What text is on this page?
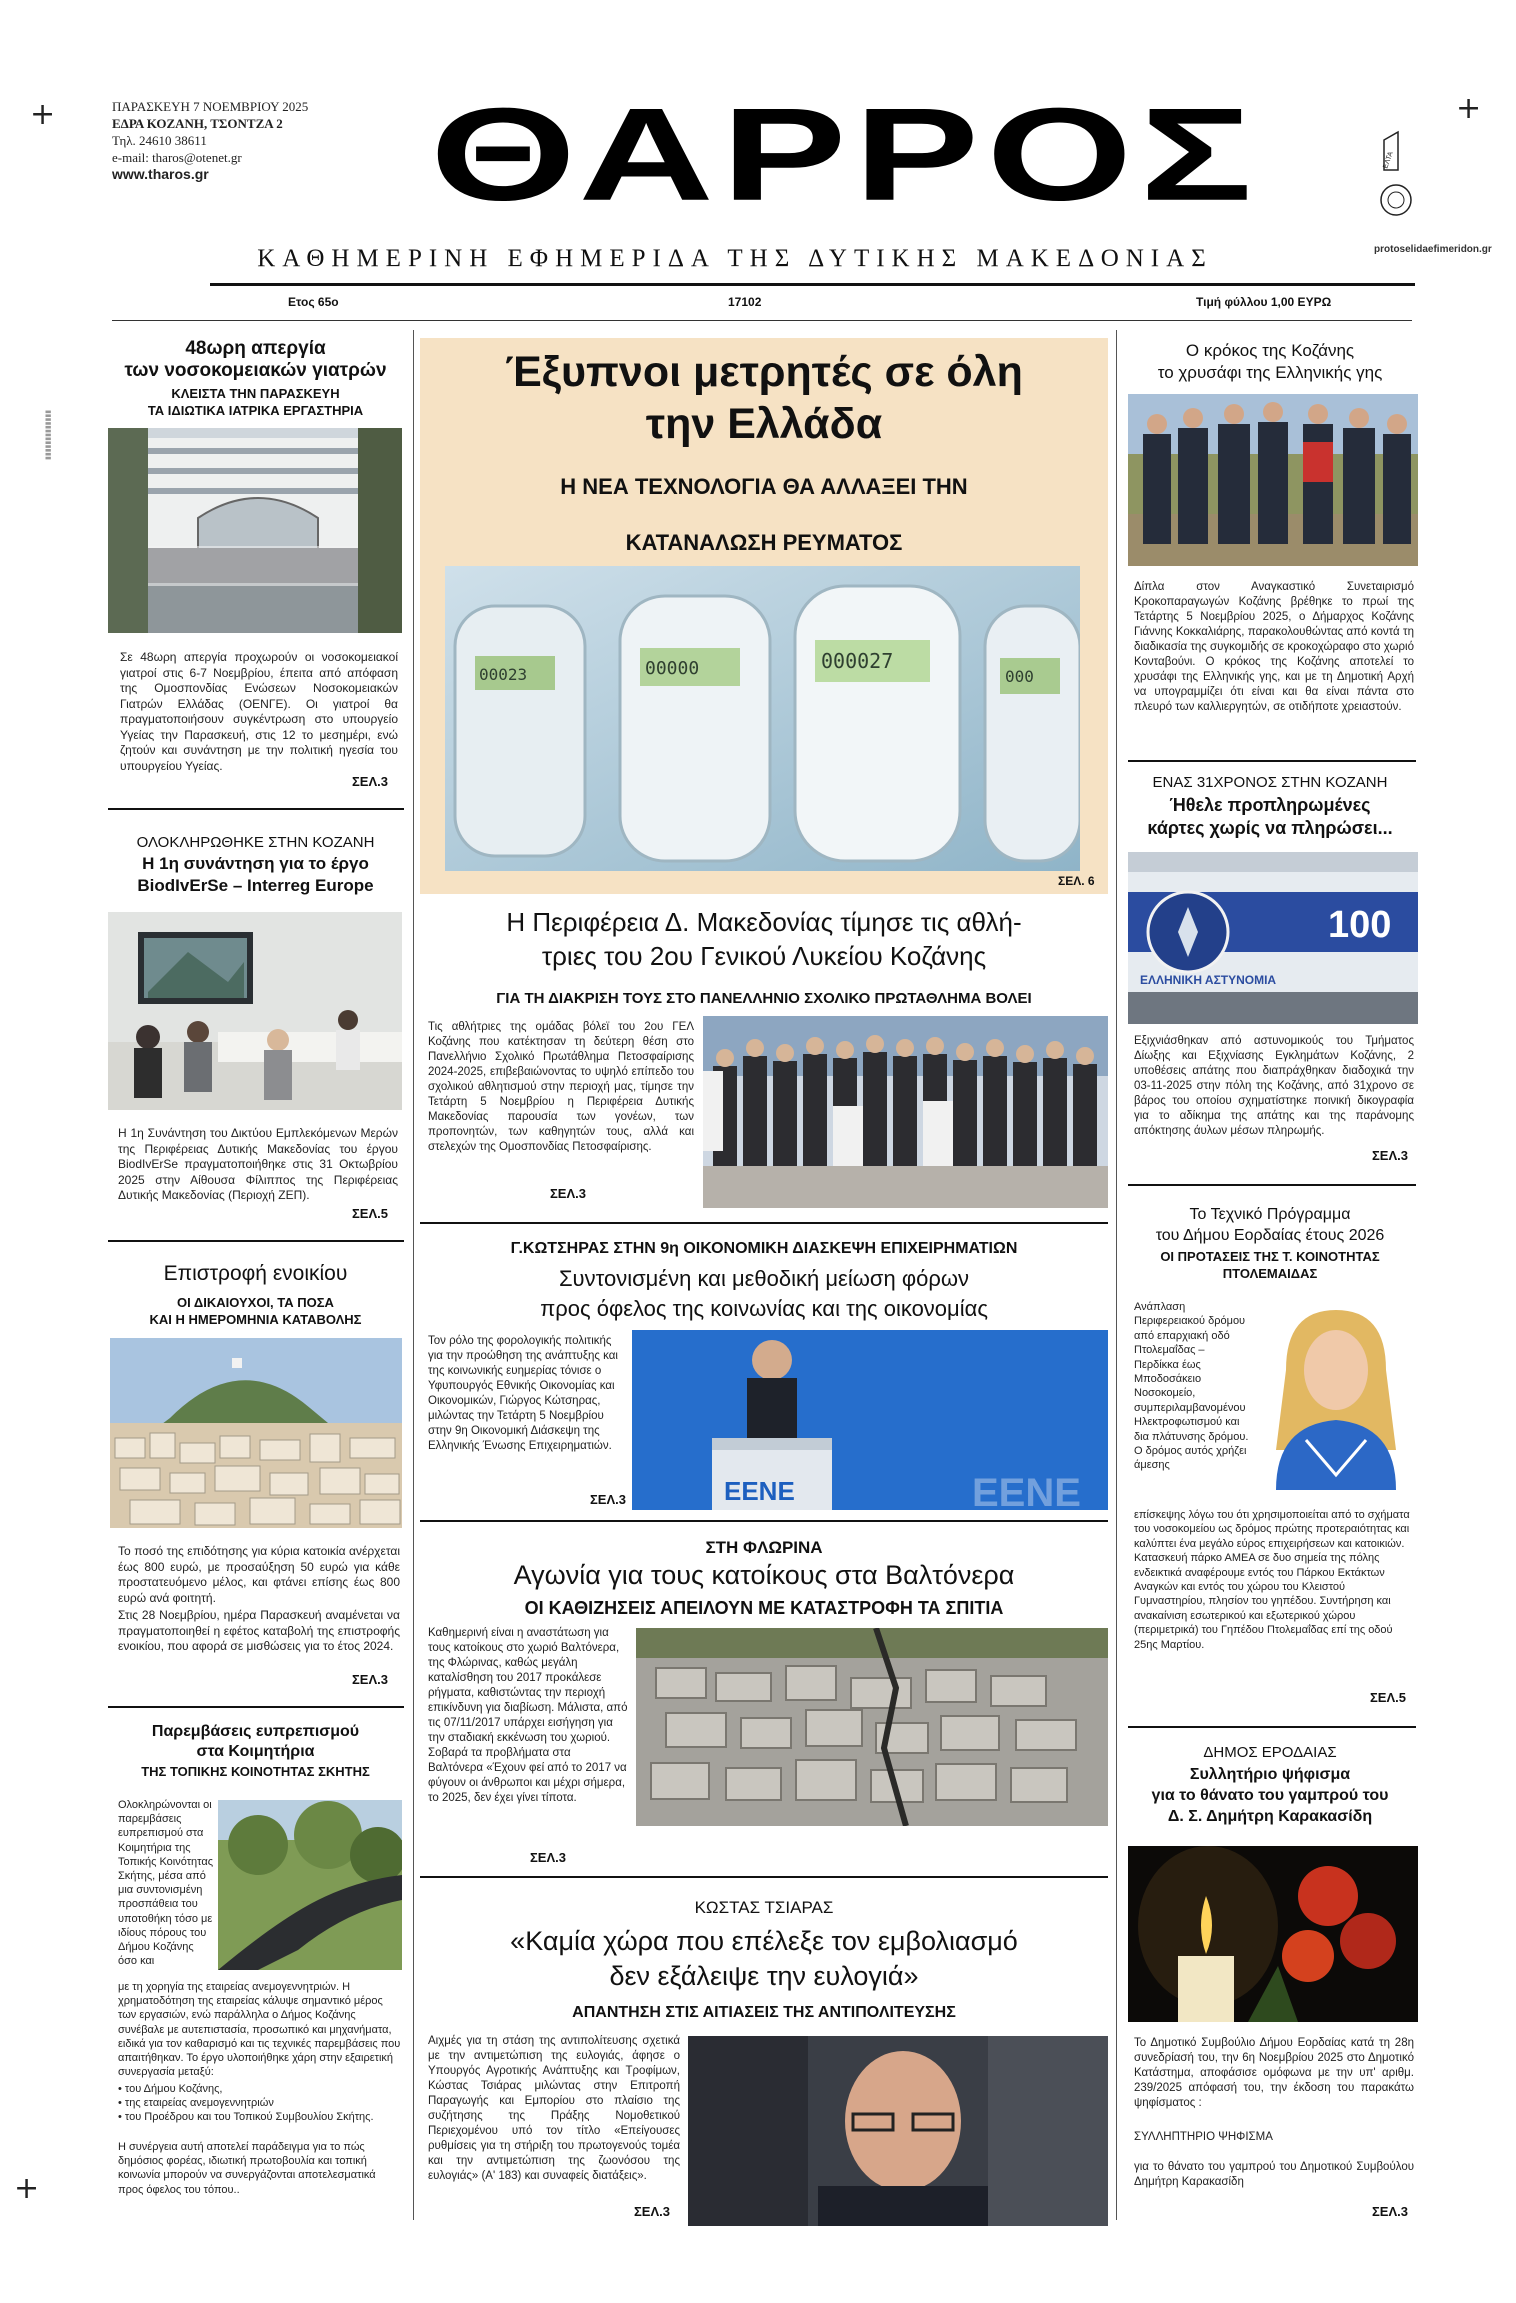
+	+
+
ΠΑΡΑΣΚΕΥΗ 7 ΝΟΕΜΒΡΙΟΥ 2025
ΕΔΡΑ ΚΟΖΑΝΗ, ΤΣΟΝΤΖΑ 2
Τηλ. 24610 38611
e-mail: tharos@otenet.gr
www.tharos.gr	ΘΑΡΡΟΣ
ΚΑΘΗΜΕΡΙΝΗ ΕΦΗΜΕΡΙΔΑ ΤΗΣ ΔΥΤΙΚΗΣ ΜΑΚΕΔΟΝΙΑΣ
Ετος 65ο	17102	Τιμή φύλλου 1,00 ΕΥΡΩ
ΕΛΤΑ
protoselidaefimeridon.gr
▮▮▮▮▮▮▮▮▮▮▮▮▮
48ωρη απεργία
των νοσοκομειακών γιατρών
ΚΛΕΙΣΤΑ ΤΗΝ ΠΑΡΑΣΚΕΥΗ
ΤΑ ΙΔΙΩΤΙΚΑ ΙΑΤΡΙΚΑ ΕΡΓΑΣΤΗΡΙΑ
Σε 48ωρη απεργία προχωρούν οι νοσοκομειακοί γιατροί στις 6-7 Νοεμβρίου, έπειτα από απόφαση της Ομοσπονδίας Ενώσεων Νοσοκομειακών Γιατρών Ελλάδας (ΟΕΝΓΕ). Οι γιατροί θα πραγματοποιήσουν συγκέντρωση στο υπουργείο Υγείας την Παρασκευή, στις 12 το μεσημέρι, ενώ ζητούν και συνάντηση με την πολιτική ηγεσία του υπουργείου Υγείας.
ΣΕΛ.3
ΟΛΟΚΛΗΡΩΘΗΚΕ ΣΤΗΝ ΚΟΖΑΝΗ
Η 1η συνάντηση για το έργο
BiodIvErSe – Interreg Europe
Η 1η Συνάντηση του Δικτύου Εμπλεκόμενων Μερών της Περιφέρειας Δυτικής Μακεδονίας του έργου BiodIvErSe πραγματοποιήθηκε στις 31 Οκτωβρίου 2025 στην Αίθουσα Φίλιππος της Περιφέρειας Δυτικής Μακεδονίας (Περιοχή ΖΕΠ).
ΣΕΛ.5
Επιστροφή ενοικίου
ΟΙ ΔΙΚΑΙΟΥΧΟΙ, ΤΑ ΠΟΣΑ
ΚΑΙ Η ΗΜΕΡΟΜΗΝΙΑ ΚΑΤΑΒΟΛΗΣ
Το ποσό της επιδότησης για κύρια κατοικία ανέρχεται έως 800 ευρώ, με προσαύξηση 50 ευρώ για κάθε προστατευόμενο μέλος, και φτάνει επίσης έως 800 ευρώ ανά φοιτητή.
Στις 28 Νοεμβρίου, ημέρα Παρασκευή αναμένεται να πραγματοποιηθεί η εφέτος καταβολή της επιστροφής ενοικίου, που αφορά σε μισθώσεις για το έτος 2024.
ΣΕΛ.3
Παρεμβάσεις ευπρεπισμού
στα Κοιμητήρια
ΤΗΣ ΤΟΠΙΚΗΣ ΚΟΙΝΟΤΗΤΑΣ ΣΚΗΤΗΣ
Ολοκληρώνονται οι παρεμβάσεις ευπρεπισμού στα Κοιμητήρια της Τοπικής Κοινότητας Σκήτης, μέσα από μια συντονισμένη προσπάθεια του υποτοθήκη τόσο με ιδίους πόρους του Δήμου Κοζάνης όσο και
με τη χορηγία της εταιρείας ανεμογεννητριών. Η χρηματοδότηση της εταιρείας κάλυψε σημαντικό μέρος των εργασιών, ενώ παράλληλα ο Δήμος Κοζάνης συνέβαλε με αυτεπιστασία, προσωπικό και μηχανήματα, ειδικά για τον καθαρισμό και τις τεχνικές παρεμβάσεις που απαιτήθηκαν. Το έργο υλοποιήθηκε χάρη στην εξαιρετική συνεργασία μεταξύ:
• του Δήμου Κοζάνης,
• της εταιρείας ανεμογεννητριών
• του Προέδρου και του Τοπικού Συμβουλίου Σκήτης.
Η συνέργεια αυτή αποτελεί παράδειγμα για το πώς δημόσιος φορέας, ιδιωτική πρωτοβουλία και τοπική κοινωνία μπορούν να συνεργάζονται αποτελεσματικά προς όφελος του τόπου..
Έξυπνοι μετρητές σε όλη
την Ελλάδα
Η ΝΕΑ ΤΕΧΝΟΛΟΓΙΑ ΘΑ ΑΛΛΑΞΕΙ ΤΗΝ
ΚΑΤΑΝΑΛΩΣΗ ΡΕΥΜΑΤΟΣ
00023	00000	000027
000
ΣΕΛ. 6
Η Περιφέρεια Δ. Μακεδονίας τίμησε τις αθλή-
τριες του 2ου Γενικού Λυκείου Κοζάνης
ΓΙΑ ΤΗ ΔΙΑΚΡΙΣΗ ΤΟΥΣ ΣΤΟ ΠΑΝΕΛΛΗΝΙΟ ΣΧΟΛΙΚΟ ΠΡΩΤΑΘΛΗΜΑ ΒΟΛΕΙ
Τις αθλήτριες της ομάδας βόλεϊ του 2ου ΓΕΛ Κοζάνης που κατέκτησαν τη δεύτερη θέση στο Πανελλήνιο Σχολικό Πρωτάθλημα Πετοσφαίρισης 2024-2025, επιβεβαιώνοντας το υψηλό επίπεδο του σχολικού αθλητισμού στην περιοχή μας, τίμησε την Τετάρτη 5 Νοεμβρίου η Περιφέρεια Δυτικής Μακεδονίας παρουσία των γονέων, των προπονητών, των καθηγητών τους, αλλά και στελεχών της Ομοσπονδίας Πετοσφαίρισης.
ΣΕΛ.3
Γ.ΚΩΤΣΗΡΑΣ ΣΤΗΝ 9η ΟΙΚΟΝΟΜΙΚΗ ΔΙΑΣΚΕΨΗ ΕΠΙΧΕΙΡΗΜΑΤΙΩΝ
Συντονισμένη και μεθοδική μείωση φόρων
προς όφελος της κοινωνίας και της οικονομίας
Τον ρόλο της φορολογικής πολιτικής για την προώθηση της ανάπτυξης και της κοινωνικής ευημερίας τόνισε ο Υφυπουργός Εθνικής Οικονομίας και Οικονομικών, Γιώργος Κώτσηρας, μιλώντας την Τετάρτη 5 Νοεμβρίου στην 9η Οικονομική Διάσκεψη της Ελληνικής Ένωσης Επιχειρηματιών.
ΣΕΛ.3	ΕΕΝΕ	ΕΕΝΕ
ΣΤΗ ΦΛΩΡΙΝΑ
Αγωνία για τους κατοίκους στα Βαλτόνερα
ΟΙ ΚΑΘΙΖΗΣΕΙΣ ΑΠΕΙΛΟΥΝ ΜΕ ΚΑΤΑΣΤΡΟΦΗ ΤΑ ΣΠΙΤΙΑ
Καθημερινή είναι η αναστάτωση για τους κατοίκους στο χωριό Βαλτόνερα, της Φλώρινας, καθώς μεγάλη καταλίσθηση του 2017 προκάλεσε ρήγματα, καθιστώντας την περιοχή επικίνδυνη για διαβίωση. Μάλιστα, από τις 07/11/2017 υπάρχει εισήγηση για την σταδιακή εκκένωση του χωριού. Σοβαρά τα προβλήματα στα Βαλτόνερα «Έχουν φεί από το 2017 να φύγουν οι άνθρωποι και μέχρι σήμερα, το 2025, δεν έχει γίνει τίποτα.
ΣΕΛ.3
ΚΩΣΤΑΣ ΤΣΙΑΡΑΣ
«Καμία χώρα που επέλεξε τον εμβολιασμό
δεν εξάλειψε την ευλογιά»
ΑΠΑΝΤΗΣΗ ΣΤΙΣ ΑΙΤΙΑΣΕΙΣ ΤΗΣ ΑΝΤΙΠΟΛΙΤΕΥΣΗΣ
Αιχμές για τη στάση της αντιπολίτευσης σχετικά με την αντιμετώπιση της ευλογιάς, άφησε ο Υπουργός Αγροτικής Ανάπτυξης και Τροφίμων, Κώστας Τσιάρας μιλώντας στην Επιτροπή Παραγωγής και Εμπορίου στο πλαίσιο της συζήτησης της Πράξης Νομοθετικού Περιεχομένου υπό τον τίτλο «Επείγουσες ρυθμίσεις για τη στήριξη του πρωτογενούς τομέα και την αντιμετώπιση της ζωονόσου της ευλογιάς» (Α' 183) και συναφείς διατάξεις».
ΣΕΛ.3
Ο κρόκος της Κοζάνης
το χρυσάφι της Ελληνικής γης
Δίπλα στον Αναγκαστικό Συνεταιρισμό Κροκοπαραγωγών Κοζάνης βρέθηκε το πρωί της Τετάρτης 5 Νοεμβρίου 2025, ο Δήμαρχος Κοζάνης Γιάννης Κοκκαλιάρης, παρακολουθώντας από κοντά τη διαδικασία της συγκομιδής σε κροκοχώραφο στο χωριό Κονταβούνι. Ο κρόκος της Κοζάνης αποτελεί το χρυσάφι της Ελληνικής γης, και με τη Δημοτική Αρχή να υπογραμμίζει ότι είναι και θα είναι πάντα στο πλευρό των καλλιεργητών, σε οτιδήποτε χρειαστούν.
ΕΝΑΣ 31ΧΡΟΝΟΣ ΣΤΗΝ ΚΟΖΑΝΗ
Ήθελε προπληρωμένες
κάρτες χωρίς να πληρώσει...
ΕΛΛΗΝΙΚΗ ΑΣΤΥΝΟΜΙΑ
100
Εξιχνιάσθηκαν από αστυνομικούς του Τμήματος Δίωξης και Εξιχνίασης Εγκλημάτων Κοζάνης, 2 υποθέσεις απάτης που διαπράχθηκαν διαδοχικά την 03-11-2025 στην πόλη της Κοζάνης, από 31χρονο σε βάρος του οποίου σχηματίστηκε ποινική δικογραφία για το αδίκημα της απάτης και της παράνομης απόκτησης άυλων μέσων πληρωμής.
ΣΕΛ.3
Το Τεχνικό Πρόγραμμα
του Δήμου Εορδαίας έτους 2026
ΟΙ ΠΡΟΤΑΣΕΙΣ ΤΗΣ Τ. ΚΟΙΝΟΤΗΤΑΣ
ΠΤΟΛΕΜΑΙΔΑΣ
Ανάπλαση Περιφερειακού δρόμου από επαρχιακή οδό Πτολεμαΐδας – Περδίκκα έως Μποδοσάκειο Νοσοκομείο, συμπεριλαμβανομένου Ηλεκτροφωτισμού και δια πλάτυνσης δρόμου. Ο δρόμος αυτός χρήζει άμεσης
επίσκεψης λόγω του ότι χρησιμοποιείται από το σχήματα του νοσοκομείου ως δρόμος πρώτης προτεραιότητας και καλύπτει ένα μεγάλο εύρος επιχειρήσεων και κατοικιών. Κατασκευή πάρκο ΑΜΕΑ σε δυο σημεία της πόλης ενδεικτικά αναφέρουμε εντός του Πάρκου Εκτάκτων Αναγκών και εντός του χώρου του Κλειστού Γυμναστηρίου, πλησίον του γηπέδου. Συντήρηση και ανακαίνιση εσωτερικού και εξωτερικού χώρου (περιμετρικά) του Γηπέδου Πτολεμαΐδας επί της οδού 25ης Μαρτίου.
ΣΕΛ.5
ΔΗΜΟΣ ΕΡΟΔΑΙΑΣ
Συλλητήριο ψήφισμα
για το θάνατο του γαμπρού του
Δ. Σ. Δημήτρη Καρακασίδη
Το Δημοτικό Συμβούλιο Δήμου Εορδαίας κατά τη 28η συνεδρίασή του, την 6η Νοεμβρίου 2025 στο Δημοτικό Κατάστημα, αποφάσισε ομόφωνα με την υπ' αριθμ. 239/2025 απόφασή του, την έκδοση του παρακάτω ψηφίσματος :
ΣΥΛΛΗΠΤΗΡΙΟ ΨΗΦΙΣΜΑ
για το θάνατο του γαμπρού του Δημοτικού Συμβούλου Δημήτρη Καρακασίδη
ΣΕΛ.3
